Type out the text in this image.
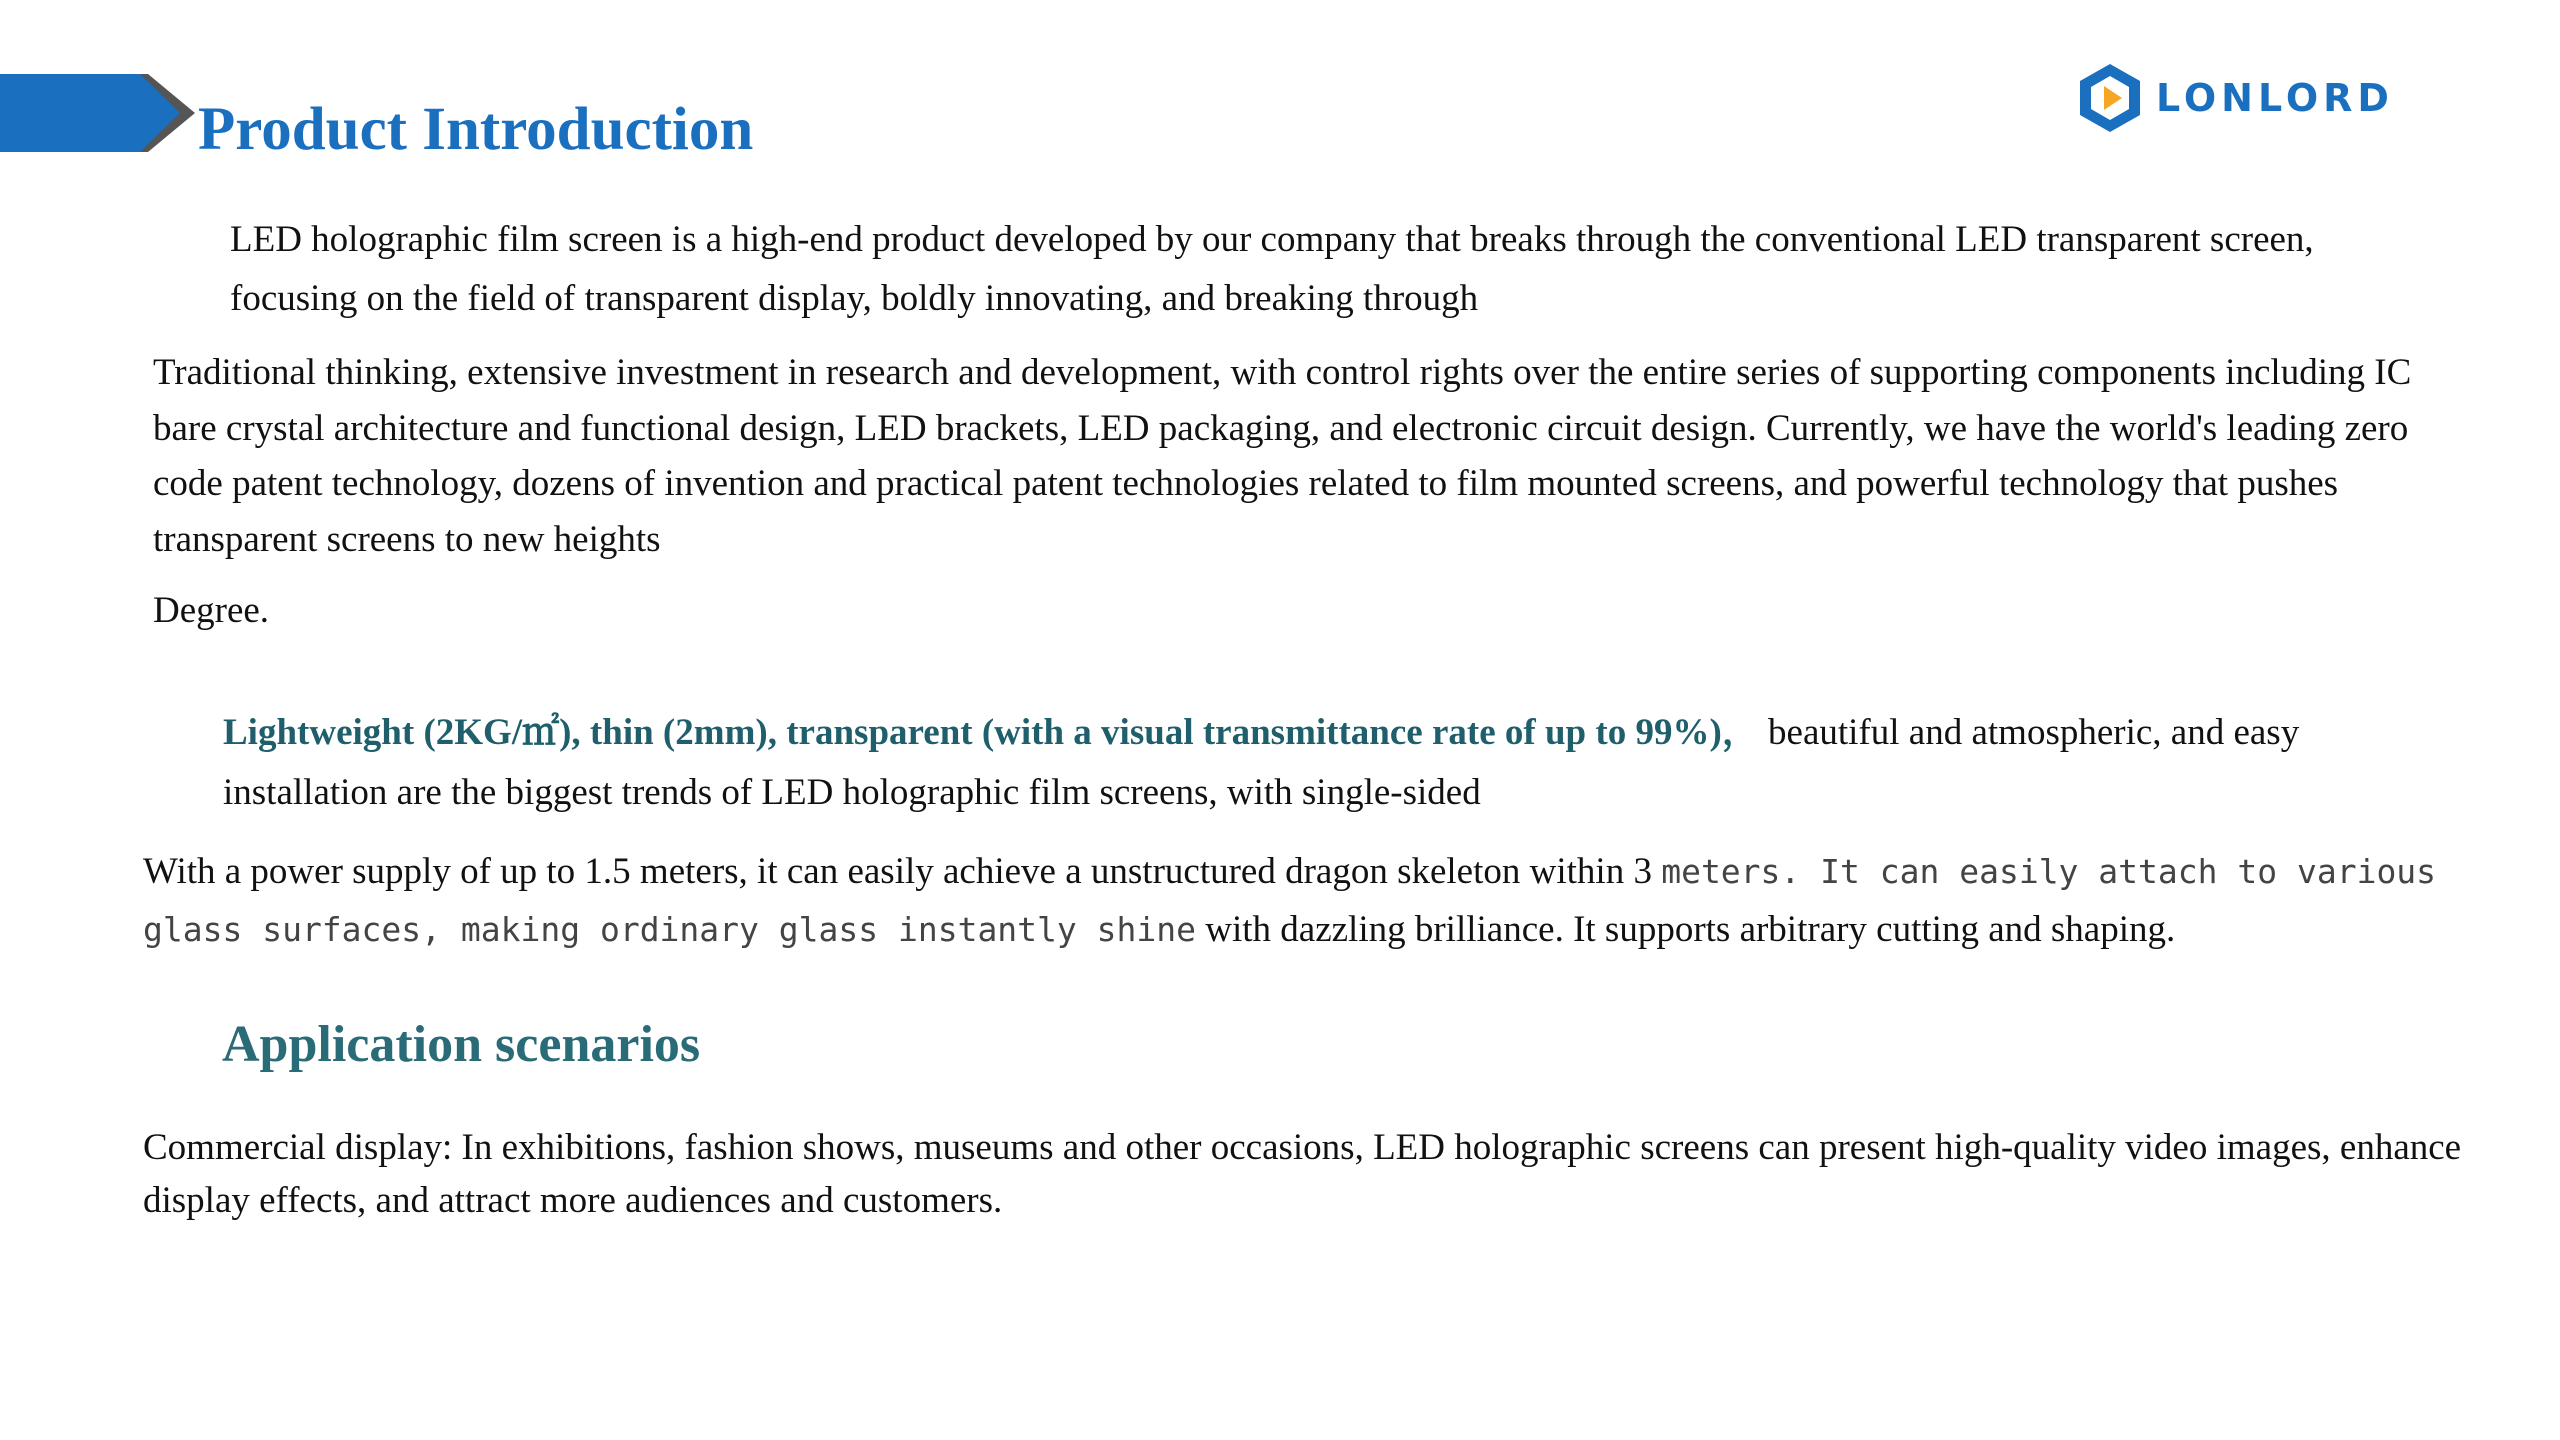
Product Introduction	LONLORD

LED holographic film screen is a high-end product developed by our company that breaks through the conventional LED transparent screen, focusing on the field of transparent display, boldly innovating, and breaking through

Traditional thinking, extensive investment in research and development, with control rights over the entire series of supporting components including IC bare crystal architecture and functional design, LED brackets, LED packaging, and electronic circuit design. Currently, we have the world's leading zero code patent technology, dozens of invention and practical patent technologies related to film mounted screens, and powerful technology that pushes transparent screens to new heights

Degree.

Lightweight (2KG/㎡), thin (2mm), transparent (with a visual transmittance rate of up to 99%)， beautiful and atmospheric, and easy installation are the biggest trends of LED holographic film screens, with single-sided

With a power supply of up to 1.5 meters, it can easily achieve a unstructured dragon skeleton within 3 meters. It can easily attach to various glass surfaces, making ordinary glass instantly shine with dazzling brilliance. It supports arbitrary cutting and shaping.

Application scenarios

Commercial display: In exhibitions, fashion shows, museums and other occasions, LED holographic screens can present high-quality video images, enhance display effects, and attract more audiences and customers.
